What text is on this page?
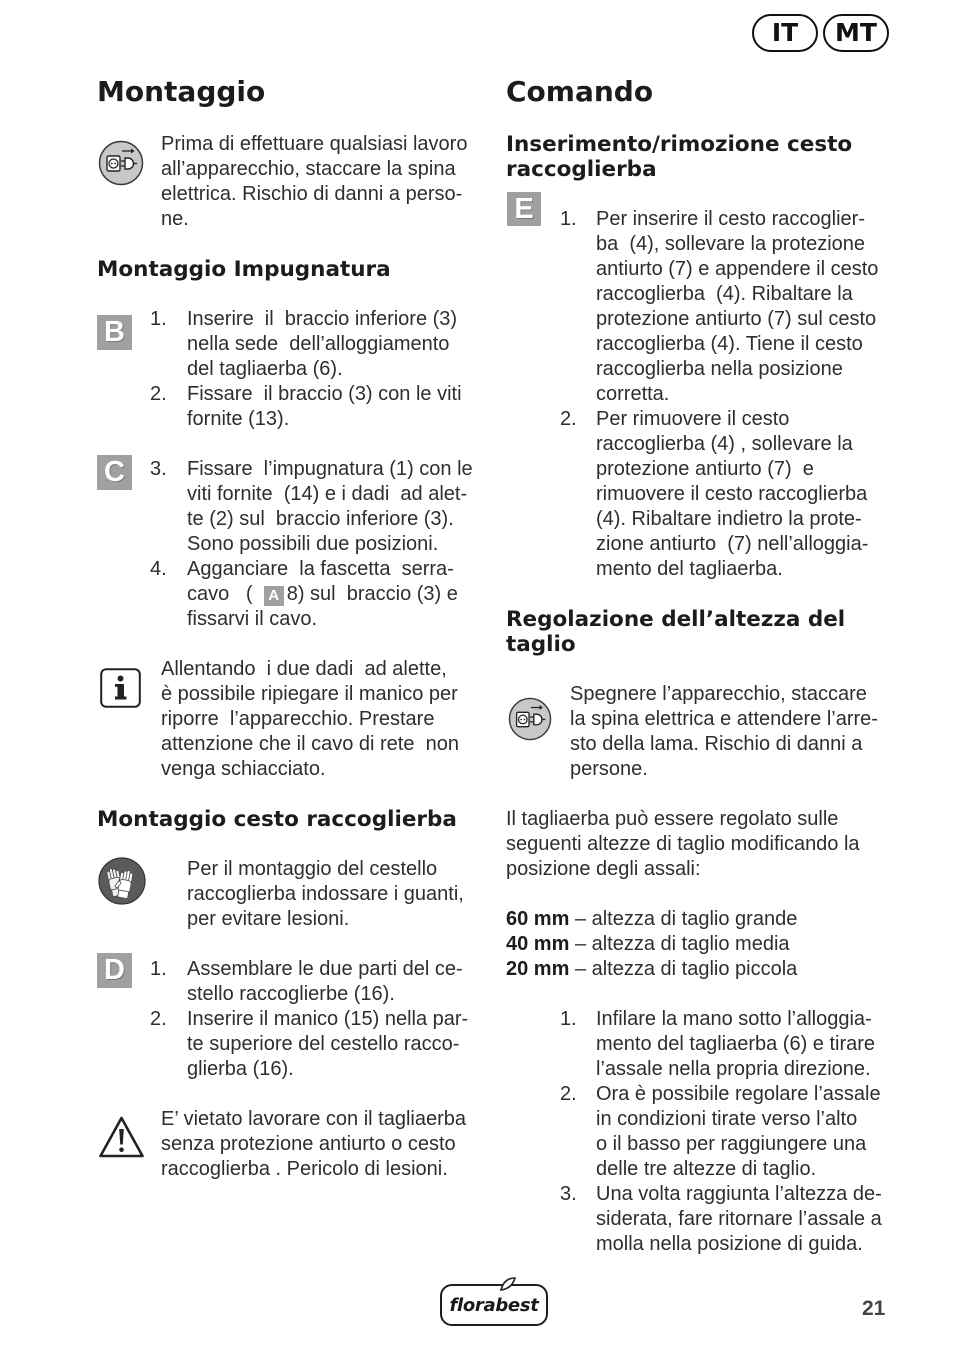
IT	MT
Montaggio
Prima di effettuare qualsiasi lavoro
all’apparecchio, staccare la spina
elettrica. Rischio di danni a perso-
ne.
Montaggio Impugnatura
B	1.	Inserire  il  braccio inferiore (3)
nella sede  dell’alloggiamento
del tagliaerba (6).
2.	Fissare  il braccio (3) con le viti
fornite (13).
C	3.	Fissare  l’impugnatura (1) con le
viti fornite  (14) e i dadi  ad alet-
te (2) sul  braccio inferiore (3).
Sono possibili due posizioni.
4.	Agganciare  la fascetta  serra-
cavo   (  A 8) sul  braccio (3) e
fissarvi il cavo.
Allentando  i due dadi  ad alette,
è possibile ripiegare il manico per
riporre  l’apparecchio. Prestare
attenzione che il cavo di rete  non
venga schiacciato.
Montaggio cesto raccoglierba
Per il montaggio del cestello
raccoglierba indossare i guanti,
per evitare lesioni.
D	1.	Assemblare le due parti del ce-
stello raccoglierbe (16).
2.	Inserire il manico (15) nella par-
te superiore del cestello racco-
glierba (16).
E’ vietato lavorare con il tagliaerba
senza protezione antiurto o cesto
raccoglierba . Pericolo di lesioni.
Comando
Inserimento/rimozione cesto
raccoglierba
E	1. Per inserire il cesto raccoglier-
ba  (4), sollevare la protezione
antiurto (7) e appendere il cesto
raccoglierba  (4). Ribaltare la
protezione antiurto (7) sul cesto
raccoglierba (4). Tiene il cesto
raccoglierba nella posizione
corretta.
2. Per rimuovere il cesto
raccoglierba (4) , sollevare la
protezione antiurto (7)  e
rimuovere il cesto raccoglierba
(4). Ribaltare indietro la prote-
zione antiurto  (7) nell’alloggia-
mento del tagliaerba.
Regolazione dell’altezza del
taglio
Spegnere l’apparecchio, staccare
la spina elettrica e attendere l’arre-
sto della lama. Rischio di danni a
persone.
Il tagliaerba può essere regolato sulle
seguenti altezze di taglio modificando la
posizione degli assali:
60 mm – altezza di taglio grande
40 mm – altezza di taglio media
20 mm – altezza di taglio piccola
1. Infilare la mano sotto l’alloggia-
mento del tagliaerba (6) e tirare
l’assale nella propria direzione.
2. Ora è possibile regolare l’assale
in condizioni tirate verso l’alto
o il basso per raggiungere una
delle tre altezze di taglio.
3. Una volta raggiunta l’altezza de-
siderata, fare ritornare l’assale a
molla nella posizione di guida.
florabest	21
